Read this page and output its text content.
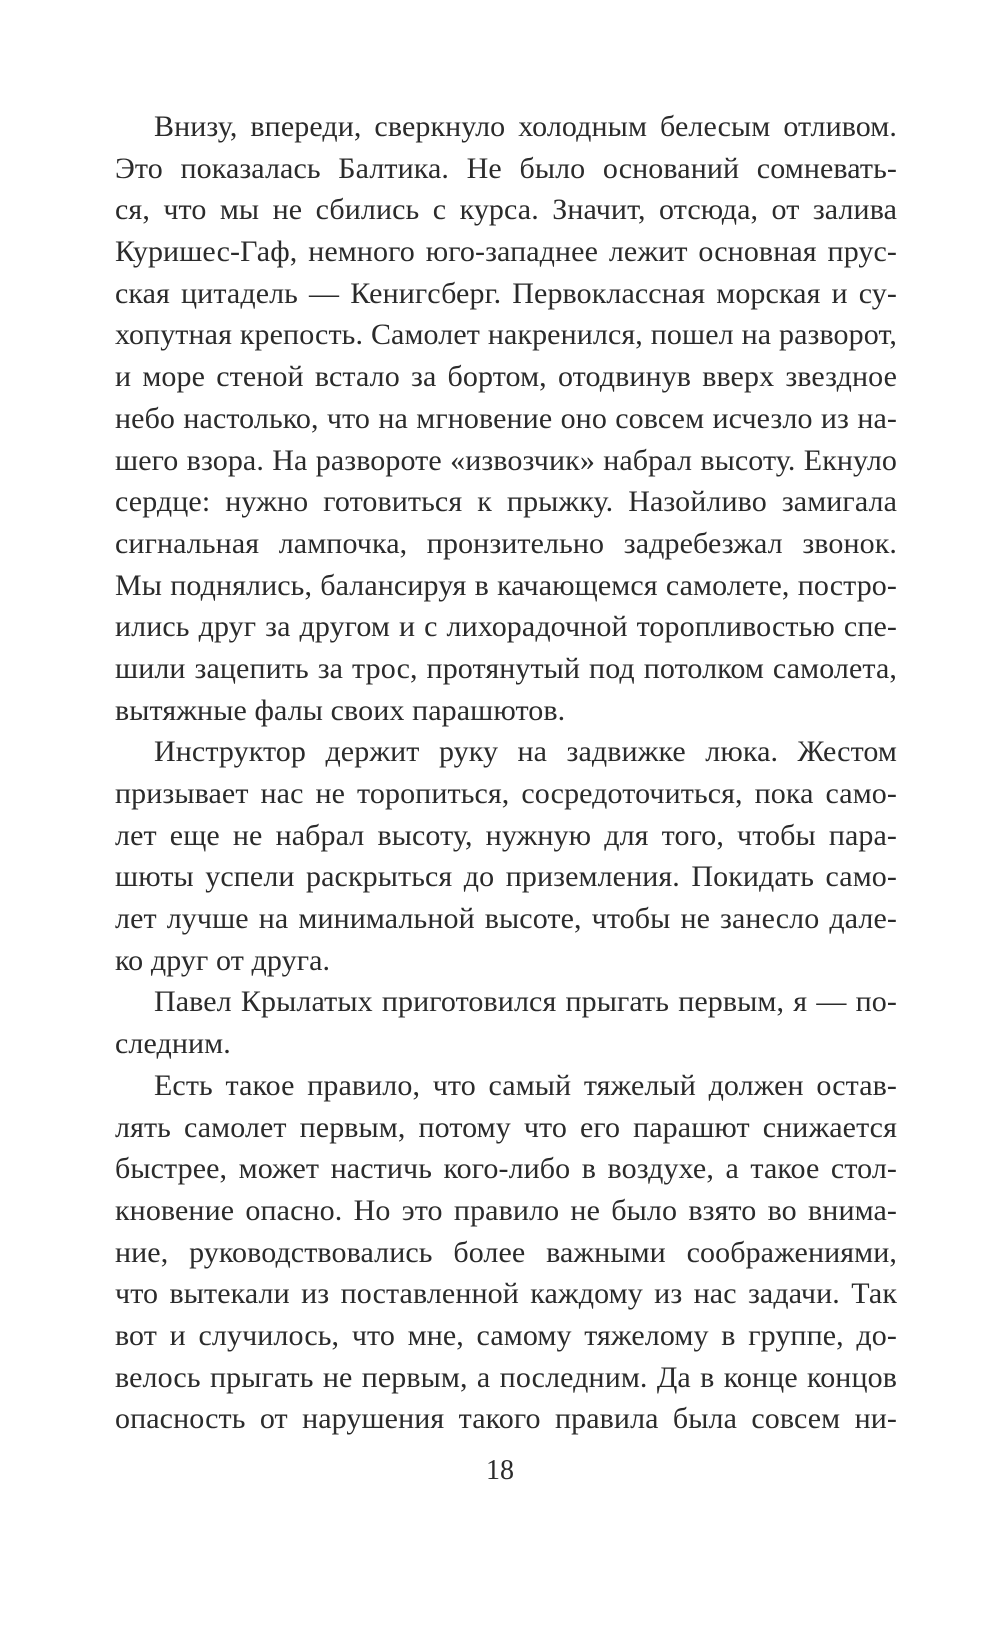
Внизу, впереди, сверкнуло холодным белесым отливом.
Это показалась Балтика. Не было оснований сомневать-
ся, что мы не сбились с курса. Значит, отсюда, от залива
Куришес-Гаф, немного юго-западнее лежит основная прус-
ская цитадель — Кенигсберг. Первоклассная морская и су-
хопутная крепость. Самолет накренился, пошел на разворот,
и море стеной встало за бортом, отодвинув вверх звездное
небо настолько, что на мгновение оно совсем исчезло из на-
шего взора. На развороте «извозчик» набрал высоту. Екнуло
сердце: нужно готовиться к прыжку. Назойливо замигала
сигнальная лампочка, пронзительно задребезжал звонок.
Мы поднялись, балансируя в качающемся самолете, постро-
ились друг за другом и с лихорадочной торопливостью спе-
шили зацепить за трос, протянутый под потолком самолета,
вытяжные фалы своих парашютов.
Инструктор держит руку на задвижке люка. Жестом
призывает нас не торопиться, сосредоточиться, пока само-
лет еще не набрал высоту, нужную для того, чтобы пара-
шюты успели раскрыться до приземления. Покидать само-
лет лучше на минимальной высоте, чтобы не занесло дале-
ко друг от друга.
Павел Крылатых приготовился прыгать первым, я — по-
следним.
Есть такое правило, что самый тяжелый должен остав-
лять самолет первым, потому что его парашют снижается
быстрее, может настичь кого-либо в воздухе, а такое стол-
кновение опасно. Но это правило не было взято во внима-
ние, руководствовались более важными соображениями,
что вытекали из поставленной каждому из нас задачи. Так
вот и случилось, что мне, самому тяжелому в группе, до-
велось прыгать не первым, а последним. Да в конце концов
опасность от нарушения такого правила была совсем ни-
18
